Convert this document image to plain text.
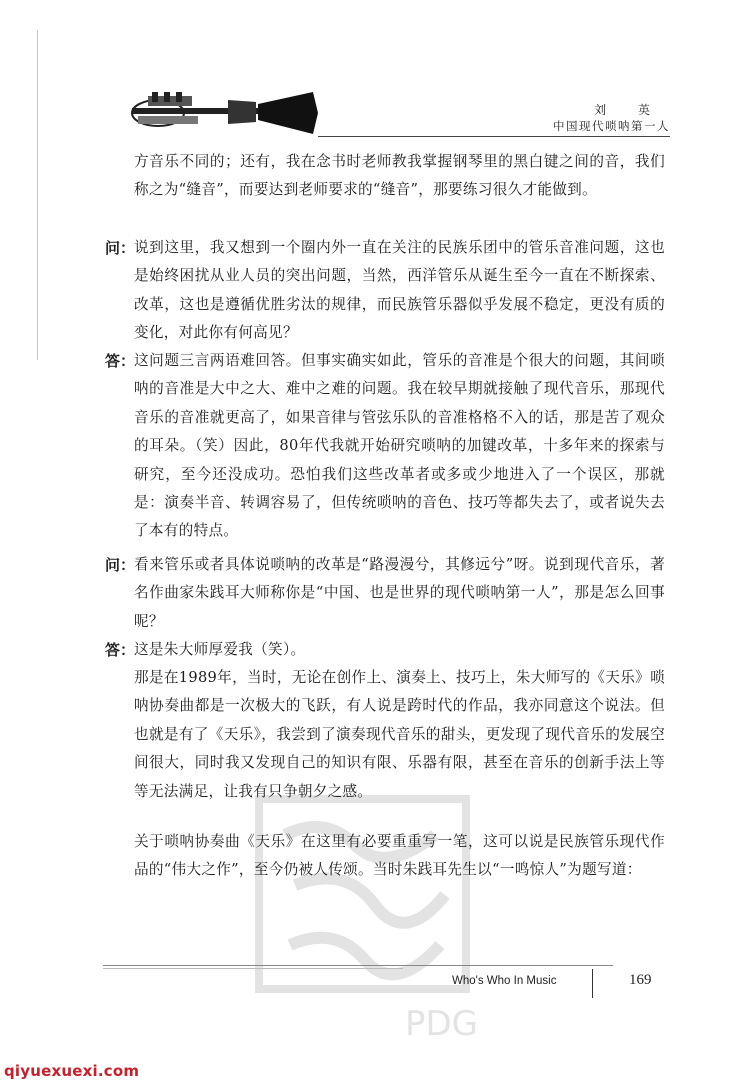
刘 英
中国现代唢呐第一人
方音乐不同的；还有，我在念书时老师教我掌握钢琴里的黑白键之间的音，我们称之为“缝音”，而要达到老师要求的“缝音”，那要练习很久才能做到。
问：
说到这里，我又想到一个圈内外一直在关注的民族乐团中的管乐音准问题，这也是始终困扰从业人员的突出问题，当然，西洋管乐从诞生至今一直在不断探索、改革，这也是遵循优胜劣汰的规律，而民族管乐器似乎发展不稳定，更没有质的变化，对此你有何高见？
答：
这问题三言两语难回答。但事实确实如此，管乐的音准是个很大的问题，其间唢呐的音准是大中之大、难中之难的问题。我在较早期就接触了现代音乐，那现代音乐的音准就更高了，如果音律与管弦乐队的音准格格不入的话，那是苦了观众的耳朵。（笑）因此，80年代我就开始研究唢呐的加键改革，十多年来的探索与研究，至今还没成功。恐怕我们这些改革者或多或少地进入了一个误区，那就是：演奏半音、转调容易了，但传统唢呐的音色、技巧等都失去了，或者说失去了本有的特点。
问：
看来管乐或者具体说唢呐的改革是“路漫漫兮，其修远兮”呀。说到现代音乐，著名作曲家朱践耳大师称你是“中国、也是世界的现代唢呐第一人”，那是怎么回事呢？
答：
这是朱大师厚爱我（笑）。
那是在1989年，当时，无论在创作上、演奏上、技巧上，朱大师写的《天乐》唢呐协奏曲都是一次极大的飞跃，有人说是跨时代的作品，我亦同意这个说法。但也就是有了《天乐》，我尝到了演奏现代音乐的甜头，更发现了现代音乐的发展空间很大，同时我又发现自己的知识有限、乐器有限，甚至在音乐的创新手法上等等无法满足，让我有只争朝夕之感。
关于唢呐协奏曲《天乐》在这里有必要重重写一笔，这可以说是民族管乐现代作品的“伟大之作”，至今仍被人传颂。当时朱践耳先生以“一鸣惊人”为题写道：
PDG
Who's Who In Music	169
qiyuexuexi.com
